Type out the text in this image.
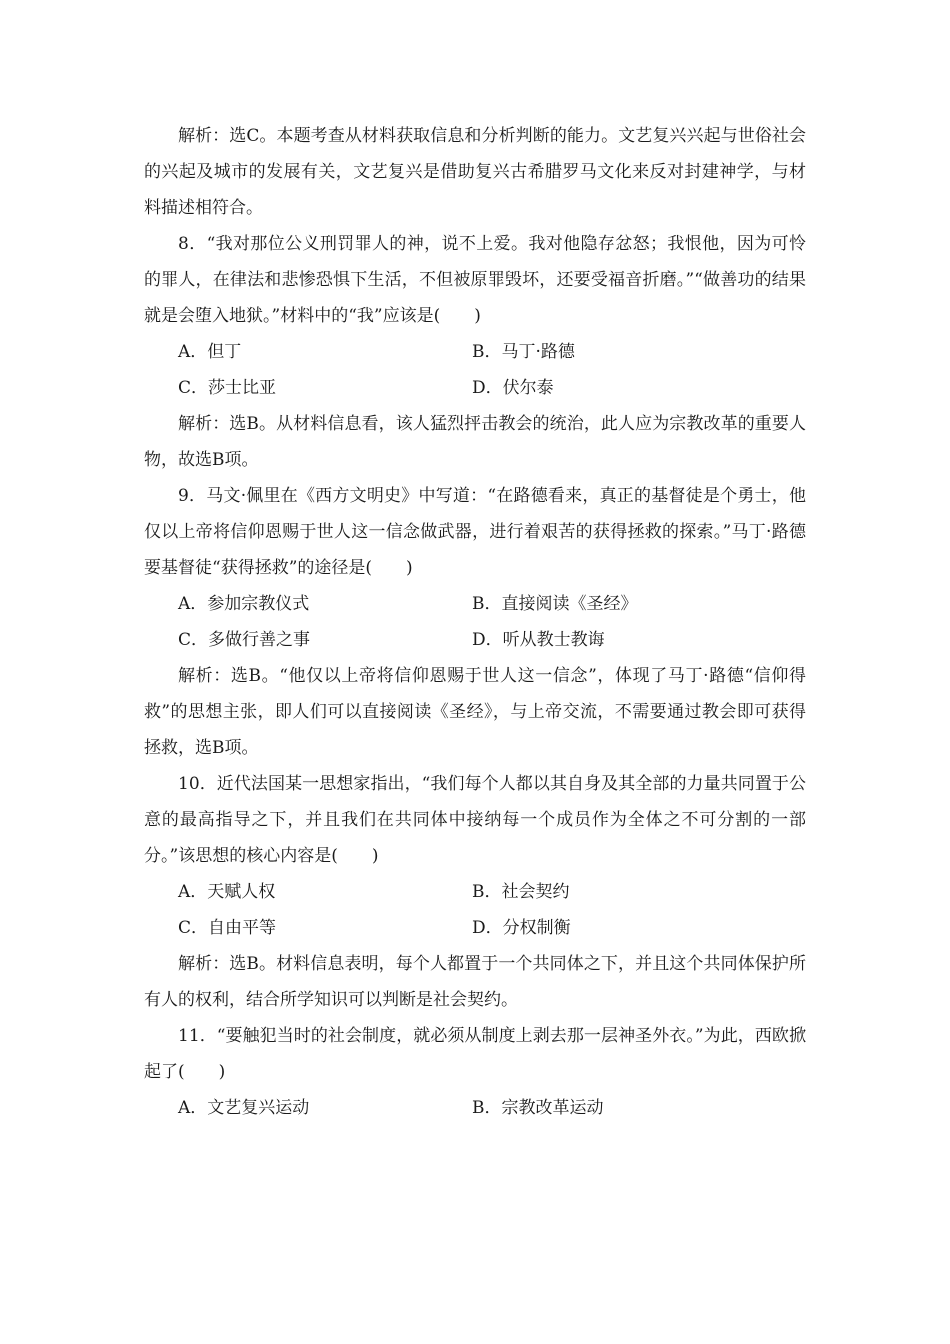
解析：选C。本题考查从材料获取信息和分析判断的能力。文艺复兴兴起与世俗社会的兴起及城市的发展有关，文艺复兴是借助复兴古希腊罗马文化来反对封建神学，与材料描述相符合。

8．“我对那位公义刑罚罪人的神，说不上爱。我对他隐存忿怒；我恨他，因为可怜的罪人，在律法和悲惨恐惧下生活，不但被原罪毁坏，还要受福音折磨。”“做善功的结果就是会堕入地狱。”材料中的“我”应该是(　　)

A．但丁	B．马丁·路德
C．莎士比亚	D．伏尔泰

解析：选B。从材料信息看，该人猛烈抨击教会的统治，此人应为宗教改革的重要人物，故选B项。

9．马文·佩里在《西方文明史》中写道：“在路德看来，真正的基督徒是个勇士，他仅以上帝将信仰恩赐于世人这一信念做武器，进行着艰苦的获得拯救的探索。”马丁·路德要基督徒“获得拯救”的途径是(　　)

A．参加宗教仪式	B．直接阅读《圣经》
C．多做行善之事	D．听从教士教诲

解析：选B。“他仅以上帝将信仰恩赐于世人这一信念”，体现了马丁·路德“信仰得救”的思想主张，即人们可以直接阅读《圣经》，与上帝交流，不需要通过教会即可获得拯救，选B项。

10．近代法国某一思想家指出，“我们每个人都以其自身及其全部的力量共同置于公意的最高指导之下，并且我们在共同体中接纳每一个成员作为全体之不可分割的一部分。”该思想的核心内容是(　　)

A．天赋人权	B．社会契约
C．自由平等	D．分权制衡

解析：选B。材料信息表明，每个人都置于一个共同体之下，并且这个共同体保护所有人的权利，结合所学知识可以判断是社会契约。

11．“要触犯当时的社会制度，就必须从制度上剥去那一层神圣外衣。”为此，西欧掀起了(　　)

A．文艺复兴运动	B．宗教改革运动
